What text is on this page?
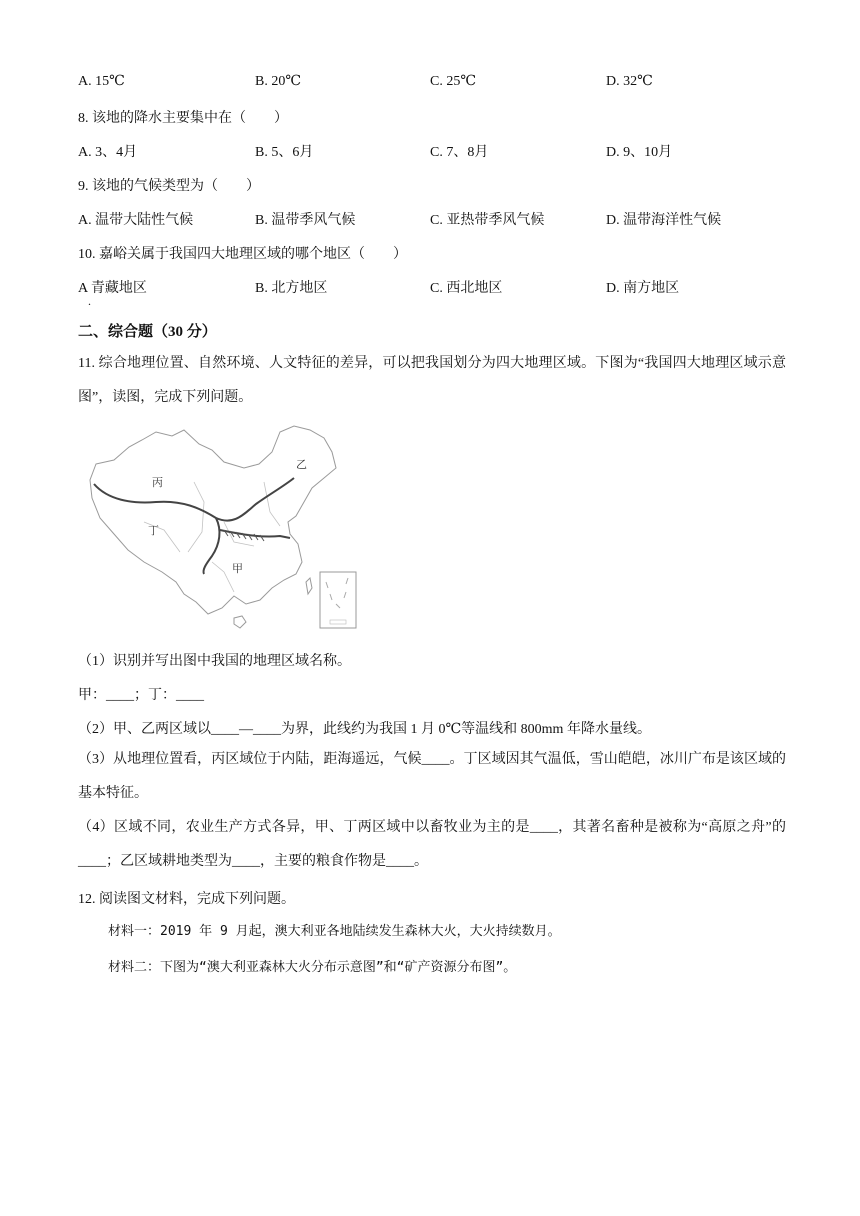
A. 15℃	B. 20℃	C. 25℃	D. 32℃
8. 该地的降水主要集中在（　　）
A. 3、4月	B. 5、6月	C. 7、8月	D. 9、10月
9. 该地的气候类型为（　　）
A. 温带大陆性气候	B. 温带季风气候	C. 亚热带季风气候	D. 温带海洋性气候
10. 嘉峪关属于我国四大地理区域的哪个地区（　　）
A 青藏地区	B. 北方地区	C. 西北地区	D. 南方地区
.
二、综合题（30 分）
11. 综合地理位置、自然环境、人文特征的差异，可以把我国划分为四大地理区域。下图为“我国四大地理区域示意图”，读图，完成下列问题。
丙
乙
丁
甲
（1）识别并写出图中我国的地理区域名称。
甲：____；丁：____
（2）甲、乙两区域以____—____为界，此线约为我国 1 月 0℃等温线和 800mm 年降水量线。
（3）从地理位置看，丙区域位于内陆，距海遥远，气候____。丁区域因其气温低，雪山皑皑，冰川广布是该区域的基本特征。
（4）区域不同，农业生产方式各异，甲、丁两区域中以畜牧业为主的是____，其著名畜种是被称为“高原之舟”的____；乙区域耕地类型为____，主要的粮食作物是____。
12. 阅读图文材料，完成下列问题。
材料一：2019 年 9 月起，澳大利亚各地陆续发生森林大火，大火持续数月。
材料二：下图为“澳大利亚森林大火分布示意图”和“矿产资源分布图”。
